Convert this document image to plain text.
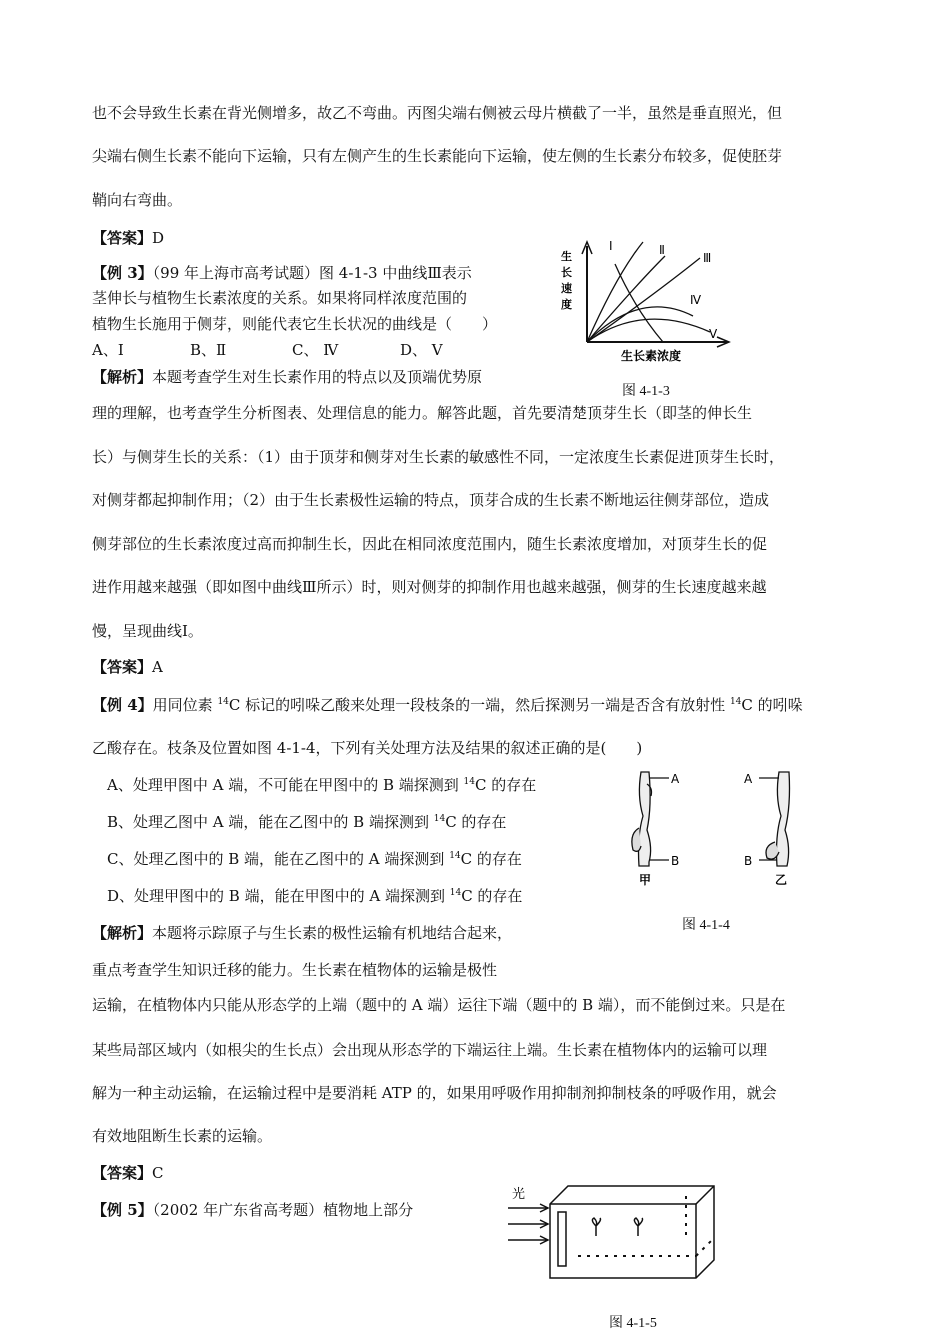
也不会导致生长素在背光侧增多，故乙不弯曲。丙图尖端右侧被云母片横截了一半，虽然是垂直照光，但
尖端右侧生长素不能向下运输，只有左侧产生的生长素能向下运输，使左侧的生长素分布较多，促使胚芽
鞘向右弯曲。
【答案】D
【例 3】（99 年上海市高考试题）图 4-1-3 中曲线Ⅲ表示
茎伸长与植物生长素浓度的关系。如果将同样浓度范围的
植物生长施用于侧芽，则能代表它生长状况的曲线是（　　）
A、Ⅰ	B、Ⅱ	C、 Ⅳ	D、 Ⅴ
【解析】本题考查学生对生长素作用的特点以及顶端优势原
理的理解，也考查学生分析图表、处理信息的能力。解答此题，首先要清楚顶芽生长（即茎的伸长生
长）与侧芽生长的关系：（1）由于顶芽和侧芽对生长素的敏感性不同，一定浓度生长素促进顶芽生长时，
对侧芽都起抑制作用；（2）由于生长素极性运输的特点，顶芽合成的生长素不断地运往侧芽部位，造成
侧芽部位的生长素浓度过高而抑制生长，因此在相同浓度范围内，随生长素浓度增加，对顶芽生长的促
进作用越来越强（即如图中曲线Ⅲ所示）时，则对侧芽的抑制作用也越来越强，侧芽的生长速度越来越
慢，呈现曲线Ⅰ。
【答案】A
生
长
速
度
Ⅰ	Ⅱ
Ⅲ
Ⅳ
Ⅴ
生长素浓度
图 4-1-3
【例 4】用同位素 $^{14}$C 标记的吲哚乙酸来处理一段枝条的一端，然后探测另一端是否含有放射性 $^{14}$C 的吲哚
乙酸存在。枝条及位置如图 4-1-4，下列有关处理方法及结果的叙述正确的是(　　)
A、处理甲图中 A 端，不可能在甲图中的 B 端探测到 $^{14}$C 的存在
B、处理乙图中 A 端，能在乙图中的 B 端探测到 $^{14}$C 的存在
C、处理乙图中的 B 端，能在乙图中的 A 端探测到 $^{14}$C 的存在
D、处理甲图中的 B 端，能在甲图中的 A 端探测到 $^{14}$C 的存在
【解析】本题将示踪原子与生长素的极性运输有机地结合起来，
重点考查学生知识迁移的能力。生长素在植物体的运输是极性
运输，在植物体内只能从形态学的上端（题中的 A 端）运往下端（题中的 B 端），而不能倒过来。只是在
某些局部区域内（如根尖的生长点）会出现从形态学的下端运往上端。生长素在植物体内的运输可以理
解为一种主动运输，在运输过程中是要消耗 ATP 的，如果用呼吸作用抑制剂抑制枝条的呼吸作用，就会
有效地阻断生长素的运输。
【答案】C
A
B
A
B
甲	乙
图 4-1-4
【例 5】（2002 年广东省高考题）植物地上部分
光
图 4-1-5
